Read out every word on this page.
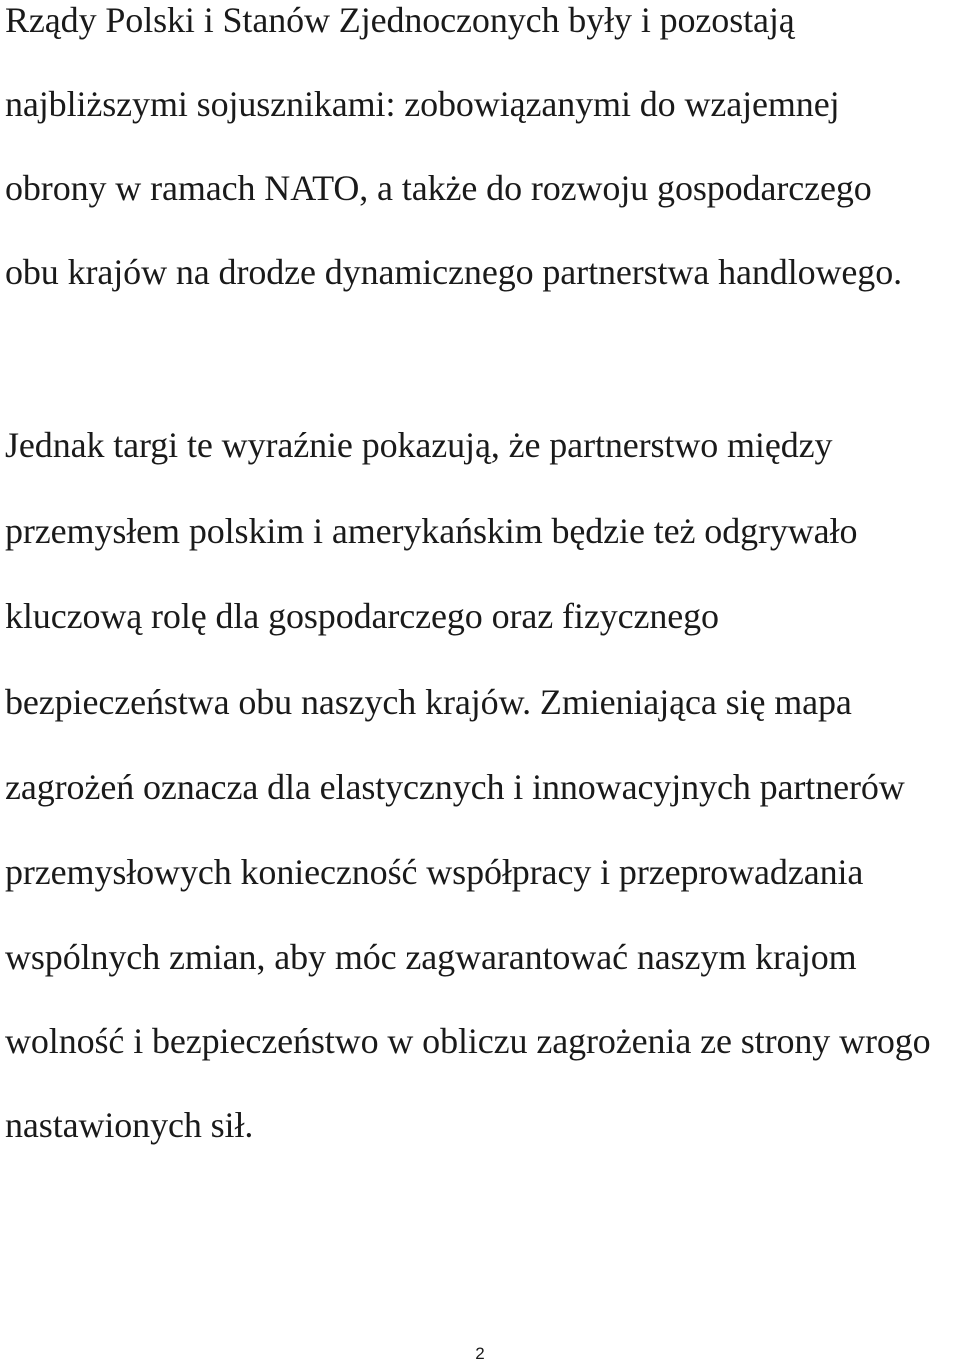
Rządy Polski i Stanów Zjednoczonych były i pozostają
najbliższymi sojusznikami: zobowiązanymi do wzajemnej
obrony w ramach NATO, a także do rozwoju gospodarczego
obu krajów na drodze dynamicznego partnerstwa handlowego.
Jednak targi te wyraźnie pokazują, że partnerstwo między
przemysłem polskim i amerykańskim będzie też odgrywało
kluczową rolę dla gospodarczego oraz fizycznego
bezpieczeństwa obu naszych krajów. Zmieniająca się mapa
zagrożeń oznacza dla elastycznych i innowacyjnych partnerów
przemysłowych konieczność współpracy i przeprowadzania
wspólnych zmian, aby móc zagwarantować naszym krajom
wolność i bezpieczeństwo w obliczu zagrożenia ze strony wrogo
nastawionych sił.
2
